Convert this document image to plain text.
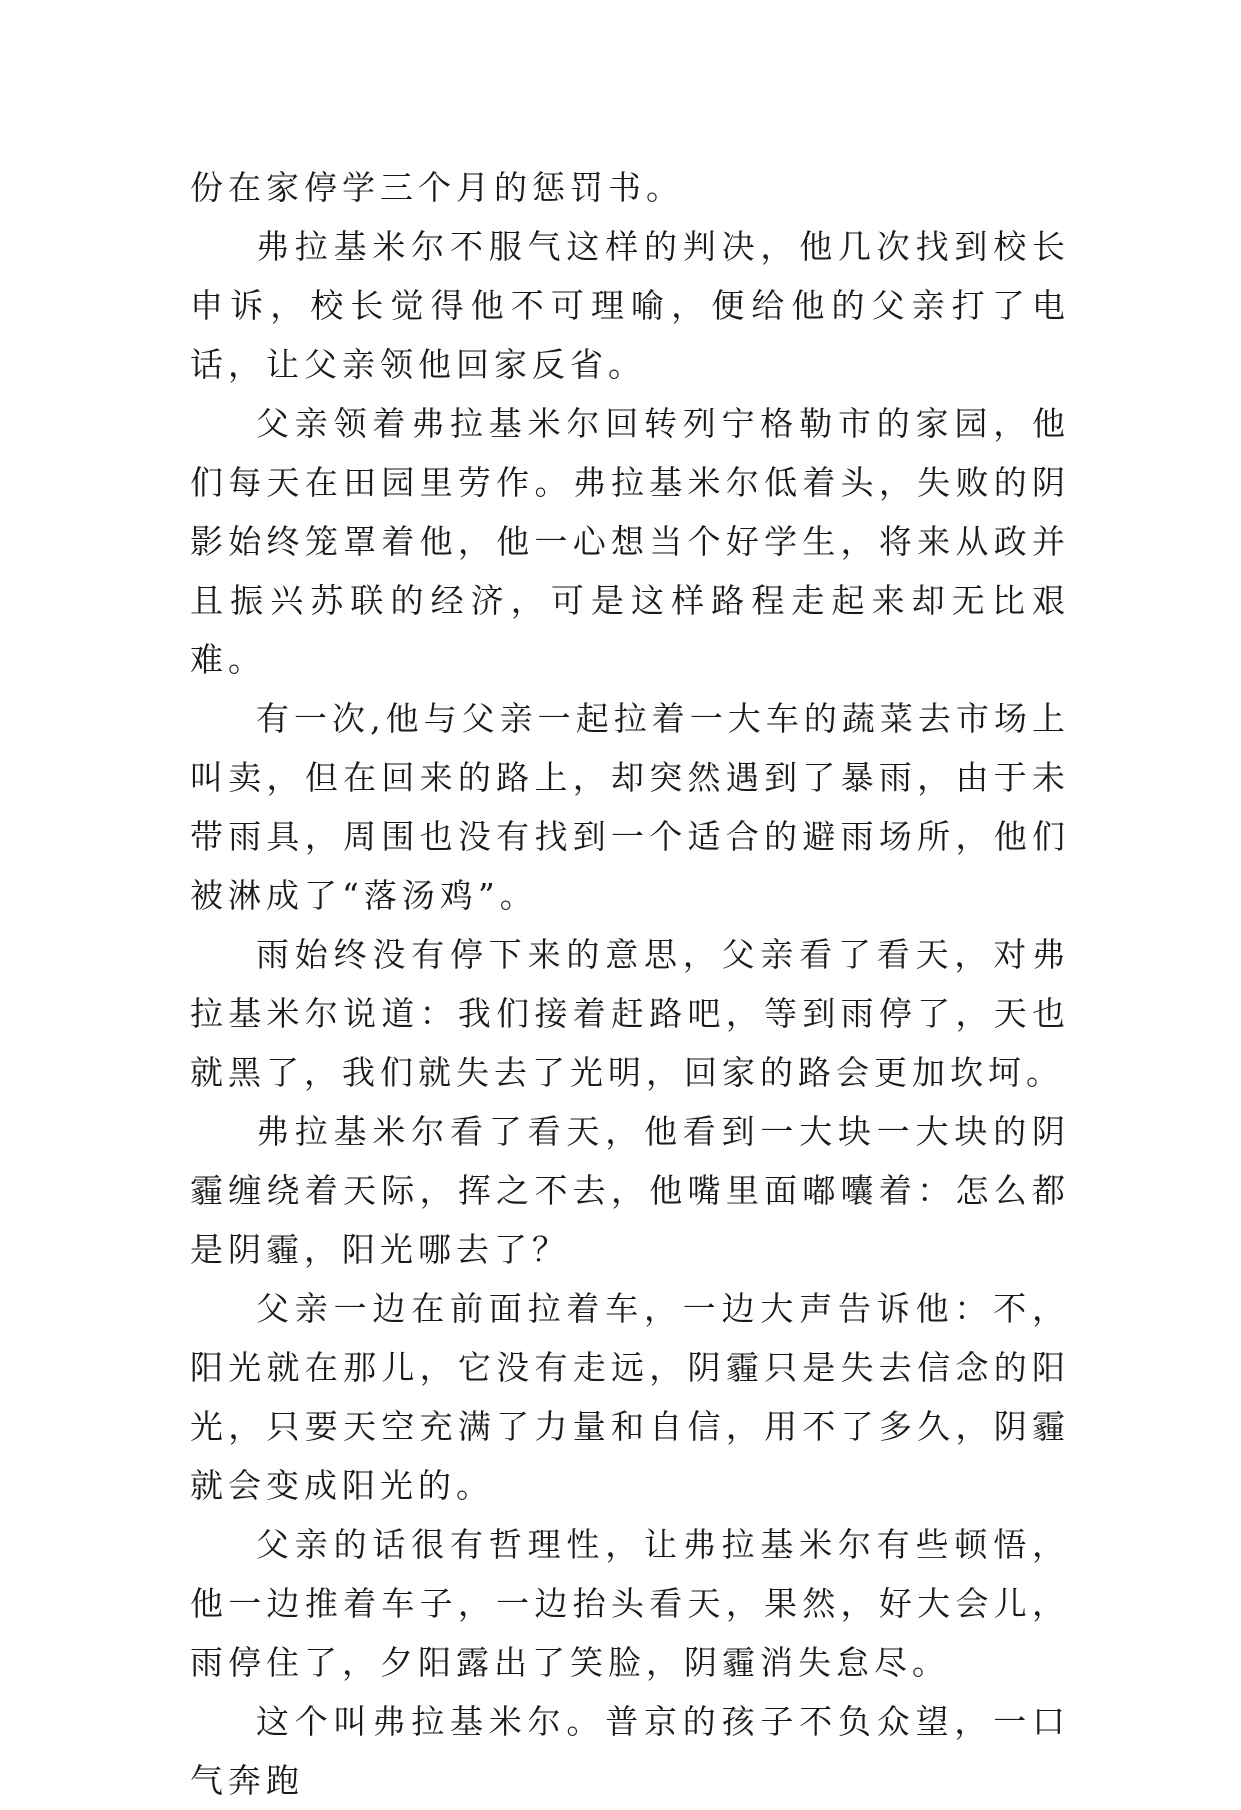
份在家停学三个月的惩罚书。

弗拉基米尔不服气这样的判决，他几次找到校长申诉，校长觉得他不可理喻，便给他的父亲打了电话，让父亲领他回家反省。

父亲领着弗拉基米尔回转列宁格勒市的家园，他们每天在田园里劳作。弗拉基米尔低着头，失败的阴影始终笼罩着他，他一心想当个好学生，将来从政并且振兴苏联的经济，可是这样路程走起来却无比艰难。

有一次,他与父亲一起拉着一大车的蔬菜去市场上叫卖，但在回来的路上，却突然遇到了暴雨，由于未带雨具，周围也没有找到一个适合的避雨场所，他们被淋成了“落汤鸡”。

雨始终没有停下来的意思，父亲看了看天，对弗拉基米尔说道：我们接着赶路吧，等到雨停了，天也就黑了，我们就失去了光明，回家的路会更加坎坷。

弗拉基米尔看了看天，他看到一大块一大块的阴霾缠绕着天际，挥之不去，他嘴里面嘟囔着：怎么都是阴霾，阳光哪去了？

父亲一边在前面拉着车，一边大声告诉他：不，阳光就在那儿，它没有走远，阴霾只是失去信念的阳光，只要天空充满了力量和自信，用不了多久，阴霾就会变成阳光的。

父亲的话很有哲理性，让弗拉基米尔有些顿悟，他一边推着车子，一边抬头看天，果然，好大会儿，雨停住了，夕阳露出了笑脸，阴霾消失怠尽。

这个叫弗拉基米尔。普京的孩子不负众望，一口气奔跑
